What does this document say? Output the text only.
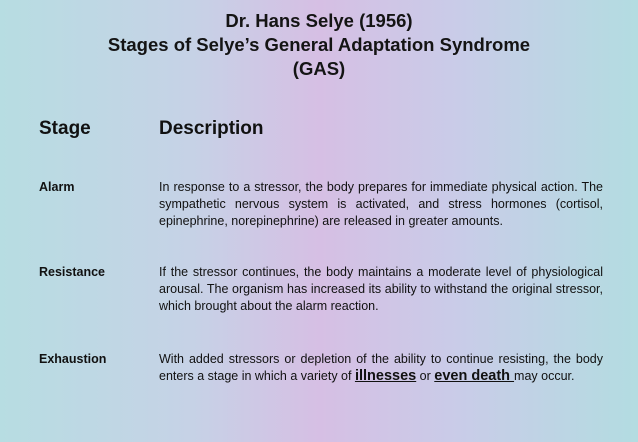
Dr. Hans Selye (1956)
Stages of Selye’s General Adaptation Syndrome
(GAS)
Stage	Description
Alarm	In response to a stressor, the body prepares for immediate physical action. The sympathetic nervous system is activated, and stress hormones (cortisol, epinephrine, norepinephrine) are released in greater amounts.
Resistance	If the stressor continues, the body maintains a moderate level of physiological arousal. The organism has increased its ability to withstand the original stressor, which brought about the alarm reaction.
Exhaustion	With added stressors or depletion of the ability to continue resisting, the body enters a stage in which a variety of illnesses or even death may occur.
